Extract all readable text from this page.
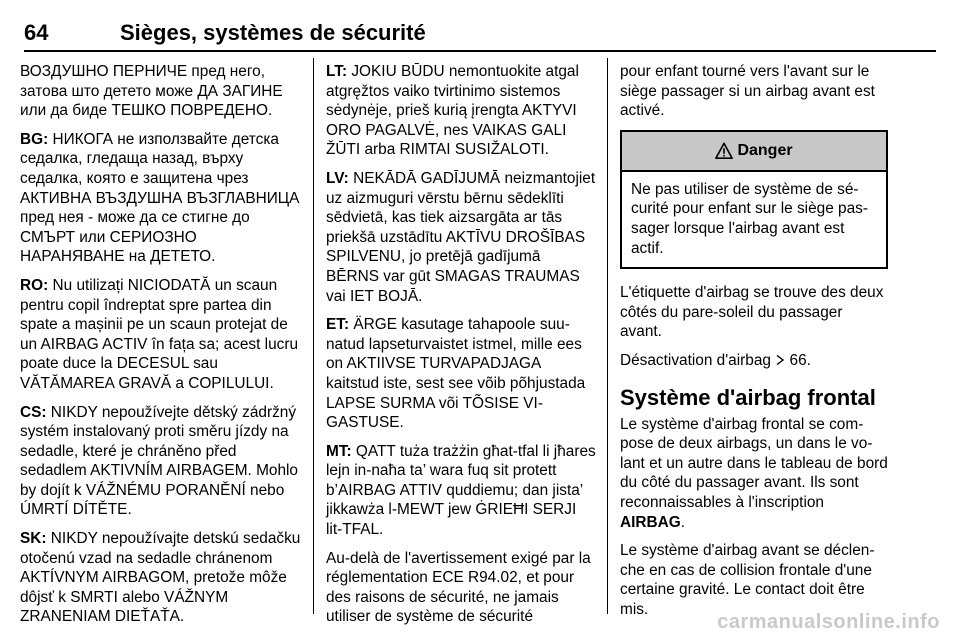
64	Sièges, systèmes de sécurité

ВОЗДУШНО ПЕРНИЧЕ пред него, затова што детето може ДА ЗАГИНЕ или да биде ТЕШКО ПОВРЕДЕНО.

BG: НИКОГА не използвайте детска седалка, гледаща назад, върху седалка, която е защитена чрез АКТИВНА ВЪЗДУШНА ВЪЗГЛАВНИЦА пред нея - може да се стигне до СМЪРТ или СЕРИОЗНО НАРАНЯВАНЕ на ДЕТЕТО.

RO: Nu utilizați NICIODATĂ un scaun pentru copil îndreptat spre partea din spate a mașinii pe un scaun protejat de un AIRBAG ACTIV în fața sa; acest lucru poate duce la DECESUL sau VĂTĂMAREA GRAVĂ a COPILULUI.

CS: NIKDY nepoužívejte dětský zádržný systém instalovaný proti směru jízdy na sedadle, které je chráněno před sedadlem AKTIVNÍM AIRBAGEM. Mohlo by dojít k VÁŽNÉMU PORANĚNÍ nebo ÚMRTÍ DÍTĚTE.

SK: NIKDY nepoužívajte detskú sedačku otočenú vzad na sedadle chránenom AKTÍVNYM AIRBAGOM, pretože môže dôjsť k SMRTI alebo VÁŽNYM ZRANENIAM DIEŤAŤA.

LT: JOKIU BŪDU nemontuokite atgal atgręžtos vaiko tvirtinimo sistemos sėdynėje, prieš kurią įrengta AKTYVI ORO PAGALVĖ, nes VAIKAS GALI ŽŪTI arba RIMTAI SUSIŽALOTI.

LV: NEKĀDĀ GADĪJUMĀ neizmantojiet uz aizmuguri vērstu bērnu sēdeklīti sēdvietā, kas tiek aizsargāta ar tās priekšā uzstādītu AKTĪVU DROŠĪBAS SPILVENU, jo pretējā gadījumā BĒRNS var gūt SMAGAS TRAUMAS vai IET BOJĀ.

ET: ÄRGE kasutage tahapoole suunatud lapseturvaistet istmel, mille ees on AKTIIVSE TURVAPADJAGA kaitstud iste, sest see võib põhjustada LAPSE SURMA või TÕSISE VIGASTUSE.

MT: QATT tuża trażżin għat-tfal li jħares lejn in-naħa ta’ wara fuq sit protett b’AIRBAG ATTIV quddiemu; dan jista’ jikkawża l-MEWT jew ĠRIEĦI SERJI lit-TFAL.

Au-delà de l'avertissement exigé par la réglementation ECE R94.02, et pour des raisons de sécurité, ne jamais utiliser de système de sécurité

pour enfant tourné vers l'avant sur le siège passager si un airbag avant est activé.

Danger
Ne pas utiliser de système de sécurité pour enfant sur le siège passager lorsque l'airbag avant est actif.

L'étiquette d'airbag se trouve des deux côtés du pare-soleil du passager avant.

Désactivation d'airbag 66.

Système d'airbag frontal

Le système d'airbag frontal se compose de deux airbags, un dans le volant et un autre dans le tableau de bord du côté du passager avant. Ils sont reconnaissables à l'inscription AIRBAG.

Le système d'airbag avant se déclenche en cas de collision frontale d'une certaine gravité. Le contact doit être mis.

carmanualsonline.info
